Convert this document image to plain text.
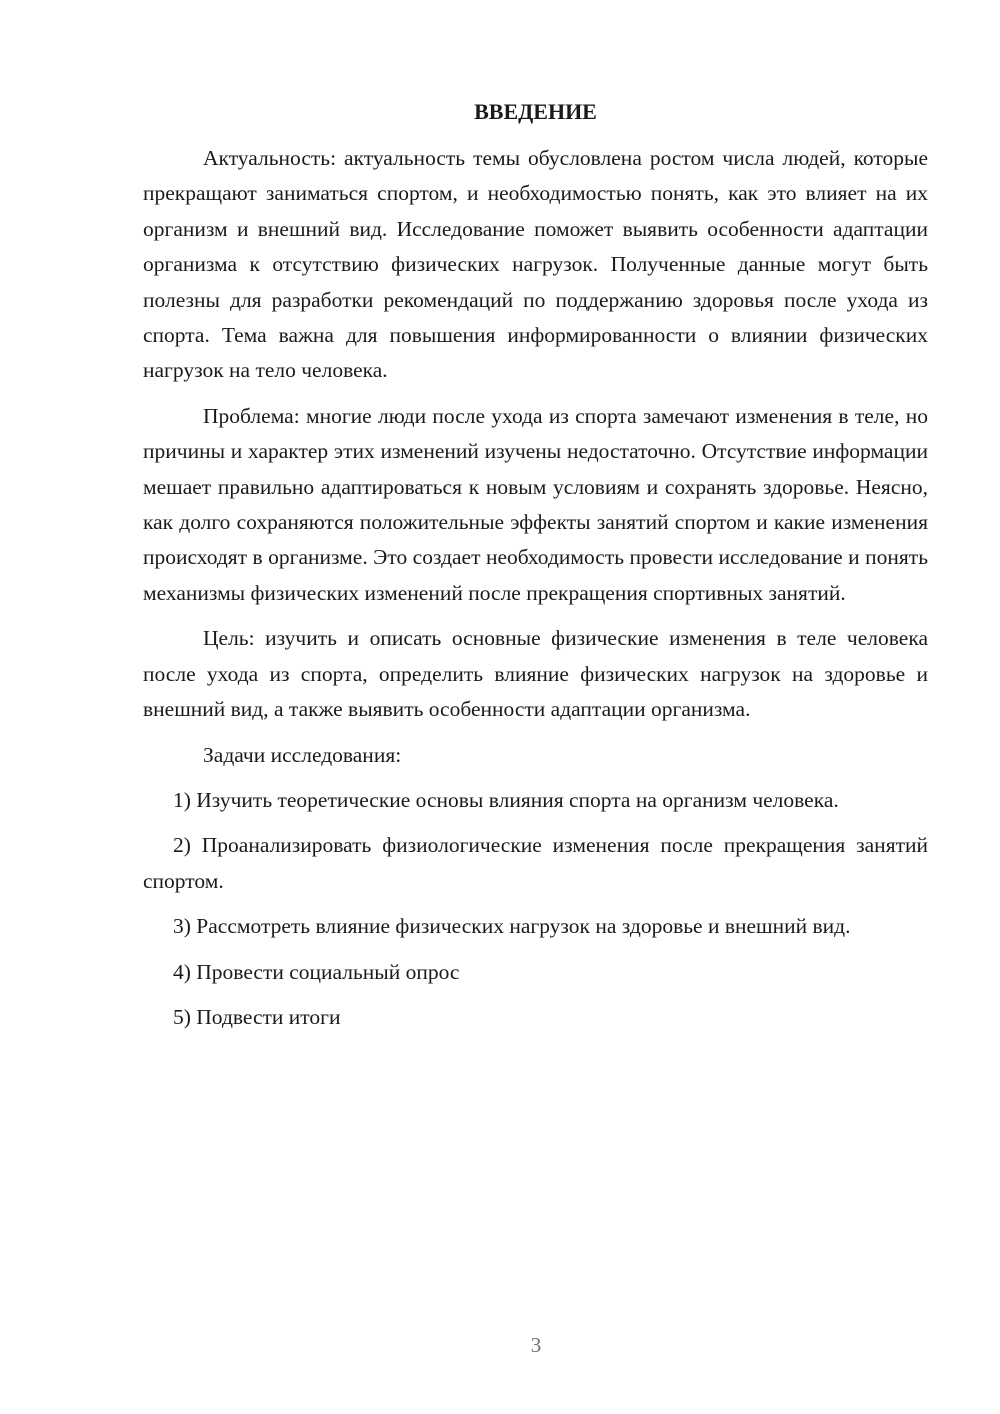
ВВЕДЕНИЕ

Актуальность: актуальность темы обусловлена ростом числа людей, которые прекращают заниматься спортом, и необходимостью понять, как это влияет на их организм и внешний вид. Исследование поможет выявить особенности адаптации организма к отсутствию физических нагрузок. Полученные данные могут быть полезны для разработки рекомендаций по поддержанию здоровья после ухода из спорта. Тема важна для повышения информированности о влиянии физических нагрузок на тело человека.

Проблема: многие люди после ухода из спорта замечают изменения в теле, но причины и характер этих изменений изучены недостаточно. Отсутствие информации мешает правильно адаптироваться к новым условиям и сохранять здоровье. Неясно, как долго сохраняются положительные эффекты занятий спортом и какие изменения происходят в организме. Это создает необходимость провести исследование и понять механизмы физических изменений после прекращения спортивных занятий.

Цель: изучить и описать основные физические изменения в теле человека после ухода из спорта, определить влияние физических нагрузок на здоровье и внешний вид, а также выявить особенности адаптации организма.

Задачи исследования:

1) Изучить теоретические основы влияния спорта на организм человека.

2) Проанализировать физиологические изменения после прекращения занятий спортом.

3) Рассмотреть влияние физических нагрузок на здоровье и внешний вид.

4) Провести социальный опрос

5) Подвести итоги

3
